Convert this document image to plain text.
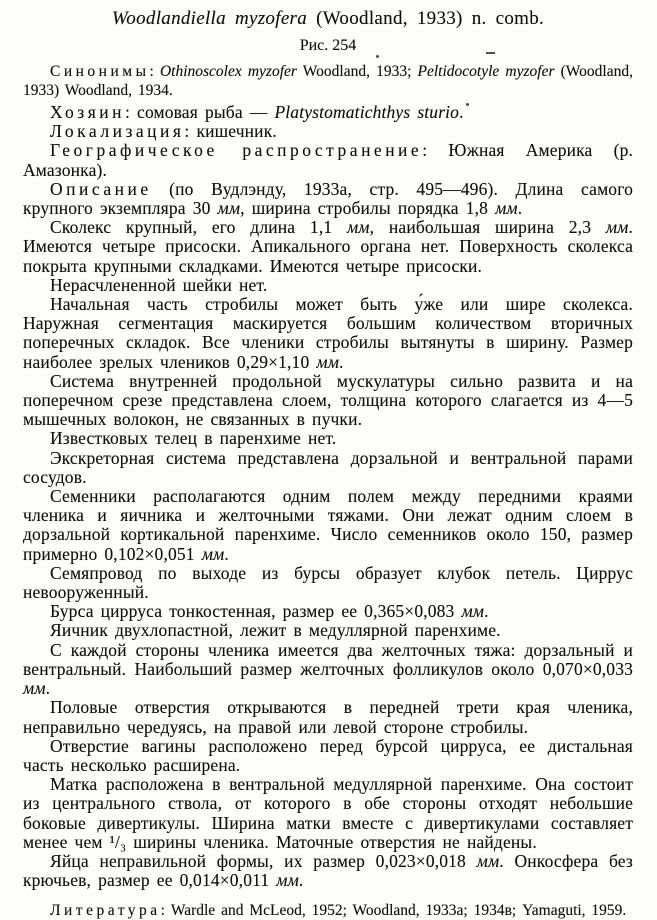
Woodlandiella myzofera (Woodland, 1933) n. comb.

Рис. 254

Синонимы: Othinoscolex myzofer Woodland, 1933; Peltidocotyle myzofer (Woodland, 1933) Woodland, 1934.

Хозяин: сомовая рыба — Platystomatichthys sturio.

Локализация: кишечник.

Географическое распространение: Южная Америка (р. Амазонка).

Описание (по Вудлэнду, 1933а, стр. 495—496). Длина самого крупного экземпляра 30 мм, ширина стробилы порядка 1,8 мм.

Сколекс крупный, его длина 1,1 мм, наибольшая ширина 2,3 мм. Имеются четыре присоски. Апикального органа нет. Поверхность сколекса покрыта крупными складками. Имеются четыре присоски.

Нерасчлененной шейки нет.

Начальная часть стробилы может быть у́же или шире сколекса. Наружная сегментация маскируется большим количеством вторичных поперечных складок. Все членики стробилы вытянуты в ширину. Размер наиболее зрелых члеников 0,29×1,10 мм.

Система внутренней продольной мускулатуры сильно развита и на поперечном срезе представлена слоем, толщина которого слагается из 4—5 мышечных волокон, не связанных в пучки.

Известковых телец в паренхиме нет.

Экскреторная система представлена дорзальной и вентральной парами сосудов.

Семенники располагаются одним полем между передними краями членика и яичника и желточными тяжами. Они лежат одним слоем в дорзальной кортикальной паренхиме. Число семенников около 150, размер примерно 0,102×0,051 мм.

Семяпровод по выходе из бурсы образует клубок петель. Циррус невооруженный.

Бурса цирруса тонкостенная, размер ее 0,365×0,083 мм.

Яичник двухлопастной, лежит в медуллярной паренхиме.

С каждой стороны членика имеется два желточных тяжа: дорзальный и вентральный. Наибольший размер желточных фолликулов около 0,070×0,033 мм.

Половые отверстия открываются в передней трети края членика, неправильно чередуясь, на правой или левой стороне стробилы.

Отверстие вагины расположено перед бурсой цирруса, ее дистальная часть несколько расширена.

Матка расположена в вентральной медуллярной паренхиме. Она состоит из центрального ствола, от которого в обе стороны отходят небольшие боковые дивертикулы. Ширина матки вместе с дивертикулами составляет менее чем ¹/₃ ширины членика. Маточные отверстия не найдены.

Яйца неправильной формы, их размер 0,023×0,018 мм. Онкосфера без крючьев, размер ее 0,014×0,011 мм.

Литература: Wardle and McLeod, 1952; Woodland, 1933а; 1934в; Yamaguti, 1959.
